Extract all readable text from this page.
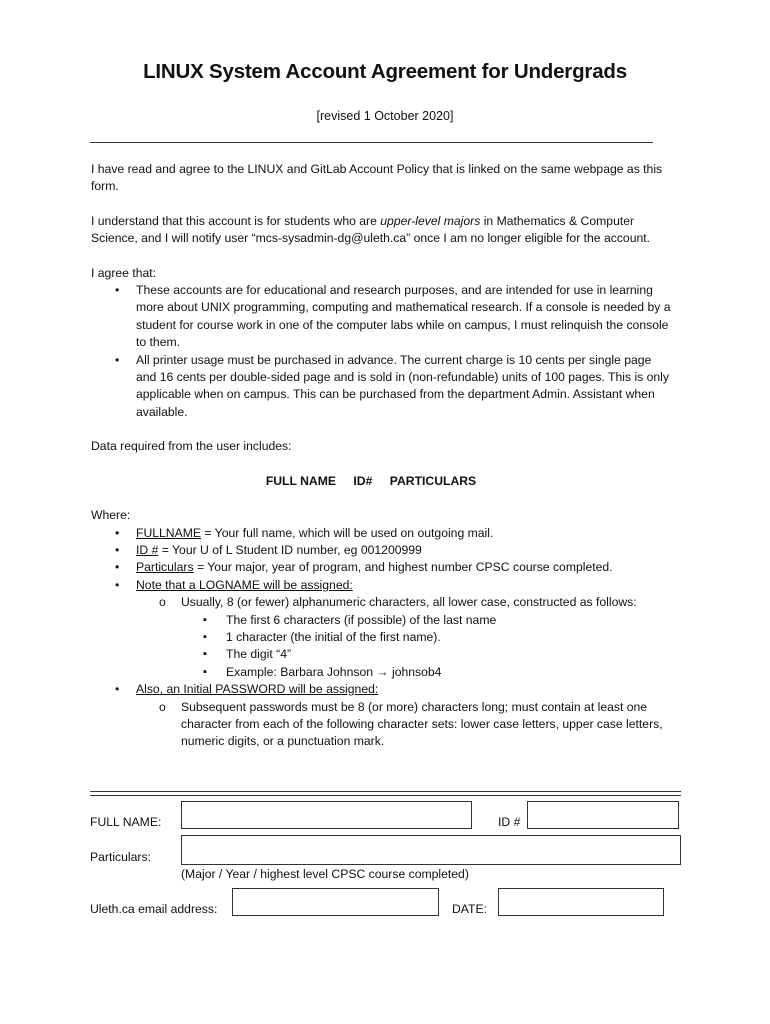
LINUX System Account Agreement for Undergrads
[revised 1 October 2020]

I have read and agree to the LINUX and GitLab Account Policy that is linked on the same webpage as this form.

I understand that this account is for students who are upper-level majors in Mathematics & Computer Science, and I will notify user “mcs-sysadmin-dg@uleth.ca” once I am no longer eligible for the account.

I agree that:

• These accounts are for educational and research purposes, and are intended for use in learning more about UNIX programming, computing and mathematical research. If a console is needed by a student for course work in one of the computer labs while on campus, I must relinquish the console to them.
• All printer usage must be purchased in advance. The current charge is 10 cents per single page and 16 cents per double-sided page and is sold in (non-refundable) units of 100 pages. This is only applicable when on campus. This can be purchased from the department Admin. Assistant when available.

Data required from the user includes:

FULL NAME ID# PARTICULARS

Where:

• FULLNAME = Your full name, which will be used on outgoing mail.
• ID # = Your U of L Student ID number, eg 001200999
• Particulars = Your major, year of program, and highest number CPSC course completed.
• Note that a LOGNAME will be assigned:
o Usually, 8 (or fewer) alphanumeric characters, all lower case, constructed as follows:
▪ The first 6 characters (if possible) of the last name
▪ 1 character (the initial of the first name).
▪ The digit “4”
▪ Example: Barbara Johnson → johnsob4
• Also, an Initial PASSWORD will be assigned:
o Subsequent passwords must be 8 (or more) characters long; must contain at least one character from each of the following character sets: lower case letters, upper case letters, numeric digits, or a punctuation mark.
FULL NAME:	ID #
Particulars:
(Major / Year / highest level CPSC course completed)
Uleth.ca email address:	DATE:
